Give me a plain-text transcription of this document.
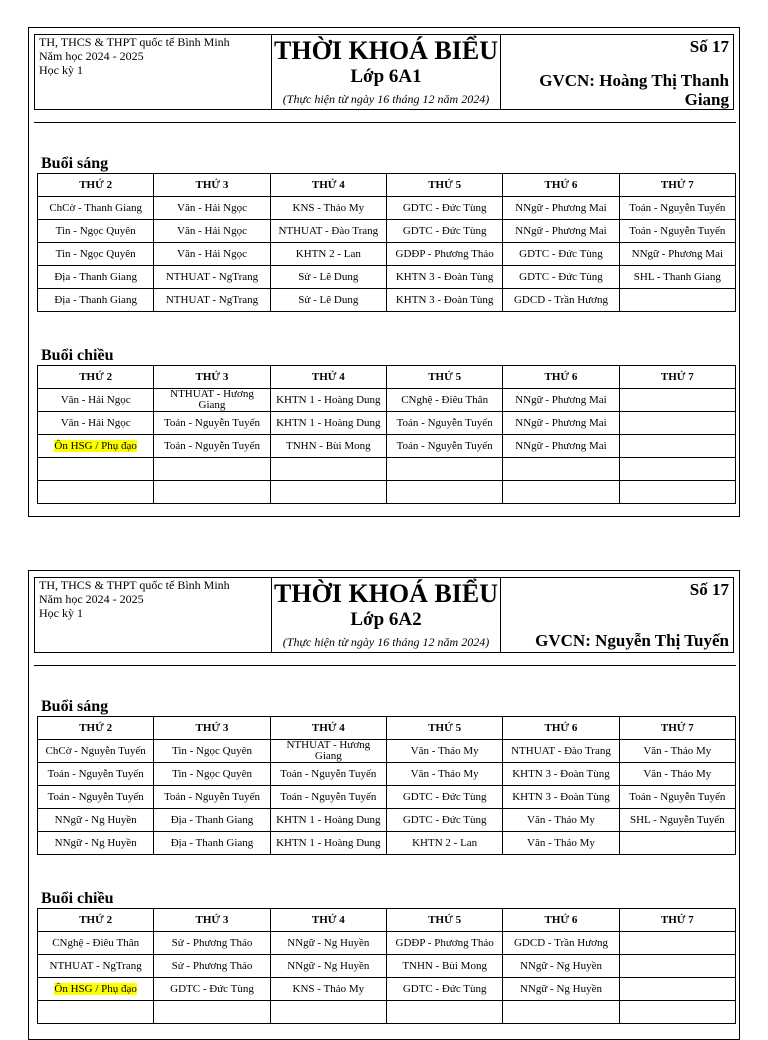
TH, THCS & THPT quốc tế Bình Minh
Năm học 2024 - 2025
Học kỳ 1
THỜI KHOÁ BIỂU
Lớp 6A1
(Thực hiện từ ngày 16 tháng 12 năm 2024)
Số 17
GVCN: Hoàng Thị Thanh Giang
Buổi sáng
THỨ 2	THỨ 3	THỨ 4	THỨ 5	THỨ 6	THỨ 7
ChCờ - Thanh Giang	Văn - Hải Ngọc	KNS - Thảo My	GDTC - Đức Tùng	NNgữ - Phương Mai	Toán - Nguyễn Tuyến
Tin - Ngọc Quyên	Văn - Hải Ngọc	NTHUAT - Đào Trang	GDTC - Đức Tùng	NNgữ - Phương Mai	Toán - Nguyễn Tuyến
Tin - Ngọc Quyên	Văn - Hải Ngọc	KHTN 2 - Lan	GDĐP - Phương Thảo	GDTC - Đức Tùng	NNgữ - Phương Mai
Địa - Thanh Giang	NTHUAT - NgTrang	Sử - Lê Dung	KHTN 3 - Đoàn Tùng	GDTC - Đức Tùng	SHL - Thanh Giang
Địa - Thanh Giang	NTHUAT - NgTrang	Sử - Lê Dung	KHTN 3 - Đoàn Tùng	GDCD - Trần Hương	
Buổi chiều
THỨ 2	THỨ 3	THỨ 4	THỨ 5	THỨ 6	THỨ 7
Văn - Hải Ngọc	NTHUAT - Hương Giang	KHTN 1 - Hoàng Dung	CNghệ - Điêu Thân	NNgữ - Phương Mai	
Văn - Hải Ngọc	Toán - Nguyễn Tuyến	KHTN 1 - Hoàng Dung	Toán - Nguyễn Tuyến	NNgữ - Phương Mai	
Ôn HSG / Phụ đạo	Toán - Nguyễn Tuyến	TNHN - Bùi Mong	Toán - Nguyễn Tuyến	NNgữ - Phương Mai	

TH, THCS & THPT quốc tế Bình Minh
Năm học 2024 - 2025
Học kỳ 1
THỜI KHOÁ BIỂU
Lớp 6A2
(Thực hiện từ ngày 16 tháng 12 năm 2024)
Số 17
GVCN: Nguyễn Thị Tuyến
Buổi sáng
THỨ 2	THỨ 3	THỨ 4	THỨ 5	THỨ 6	THỨ 7
ChCờ - Nguyễn Tuyến	Tin - Ngọc Quyên	NTHUAT - Hương Giang	Văn - Thảo My	NTHUAT - Đào Trang	Văn - Thảo My
Toán - Nguyễn Tuyến	Tin - Ngọc Quyên	Toán - Nguyễn Tuyến	Văn - Thảo My	KHTN 3 - Đoàn Tùng	Văn - Thảo My
Toán - Nguyễn Tuyến	Toán - Nguyễn Tuyến	Toán - Nguyễn Tuyến	GDTC - Đức Tùng	KHTN 3 - Đoàn Tùng	Toán - Nguyễn Tuyến
NNgữ - Ng Huyền	Địa - Thanh Giang	KHTN 1 - Hoàng Dung	GDTC - Đức Tùng	Văn - Thảo My	SHL - Nguyễn Tuyến
NNgữ - Ng Huyền	Địa - Thanh Giang	KHTN 1 - Hoàng Dung	KHTN 2 - Lan	Văn - Thảo My	
Buổi chiều
THỨ 2	THỨ 3	THỨ 4	THỨ 5	THỨ 6	THỨ 7
CNghệ - Điêu Thân	Sử - Phương Thảo	NNgữ - Ng Huyền	GDĐP - Phương Thảo	GDCD - Trần Hương	
NTHUAT - NgTrang	Sử - Phương Thảo	NNgữ - Ng Huyền	TNHN - Bùi Mong	NNgữ - Ng Huyền	
Ôn HSG / Phụ đạo	GDTC - Đức Tùng	KNS - Thảo My	GDTC - Đức Tùng	NNgữ - Ng Huyền	
